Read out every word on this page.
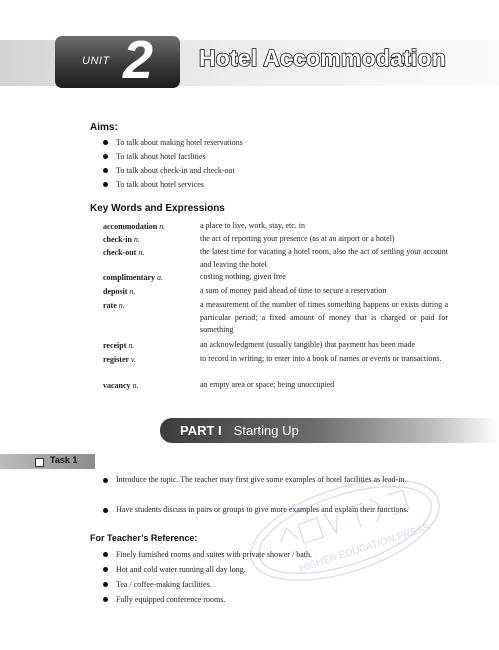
UNIT 2 Hotel Accommodation
Aims:
To talk about making hotel reservations
To talk about hotel facilities
To talk about check-in and check-out
To talk about hotel services
Key Words and Expressions
accommodation n.	a place to live, work, stay, etc. in
check-in n.	the act of reporting your presence (as at an airport or a hotel)
check-out n.	the latest time for vacating a hotel room, also the act of settling your account and leaving the hotel
complimentary a.	costing nothing, given free
deposit n.	a sum of money paid ahead of time to secure a reservation
rate n.	a measurement of the number of times something happens or exists during a particular period; a fixed amount of money that is charged or paid for something
receipt n.	an acknowledgment (usually tangible) that payment has been made
register v.	to record in writing; to enter into a book of names or events or transactions.
vacancy n.	an empty area or space; being unoccupied
PART I Starting Up
Task 1
Introduce the topic. The teacher may first give some examples of hotel facilities as lead-in.
Have students discuss in pairs or groups to give more examples and explain their functions.
For Teacher’s Reference:
Finely furnished rooms and suites with private shower / bath.
Hot and cold water running all day long.
Tea / coffee-making facilities.
Fully equipped conference rooms.
HIGHER EDUCATION PRESS
